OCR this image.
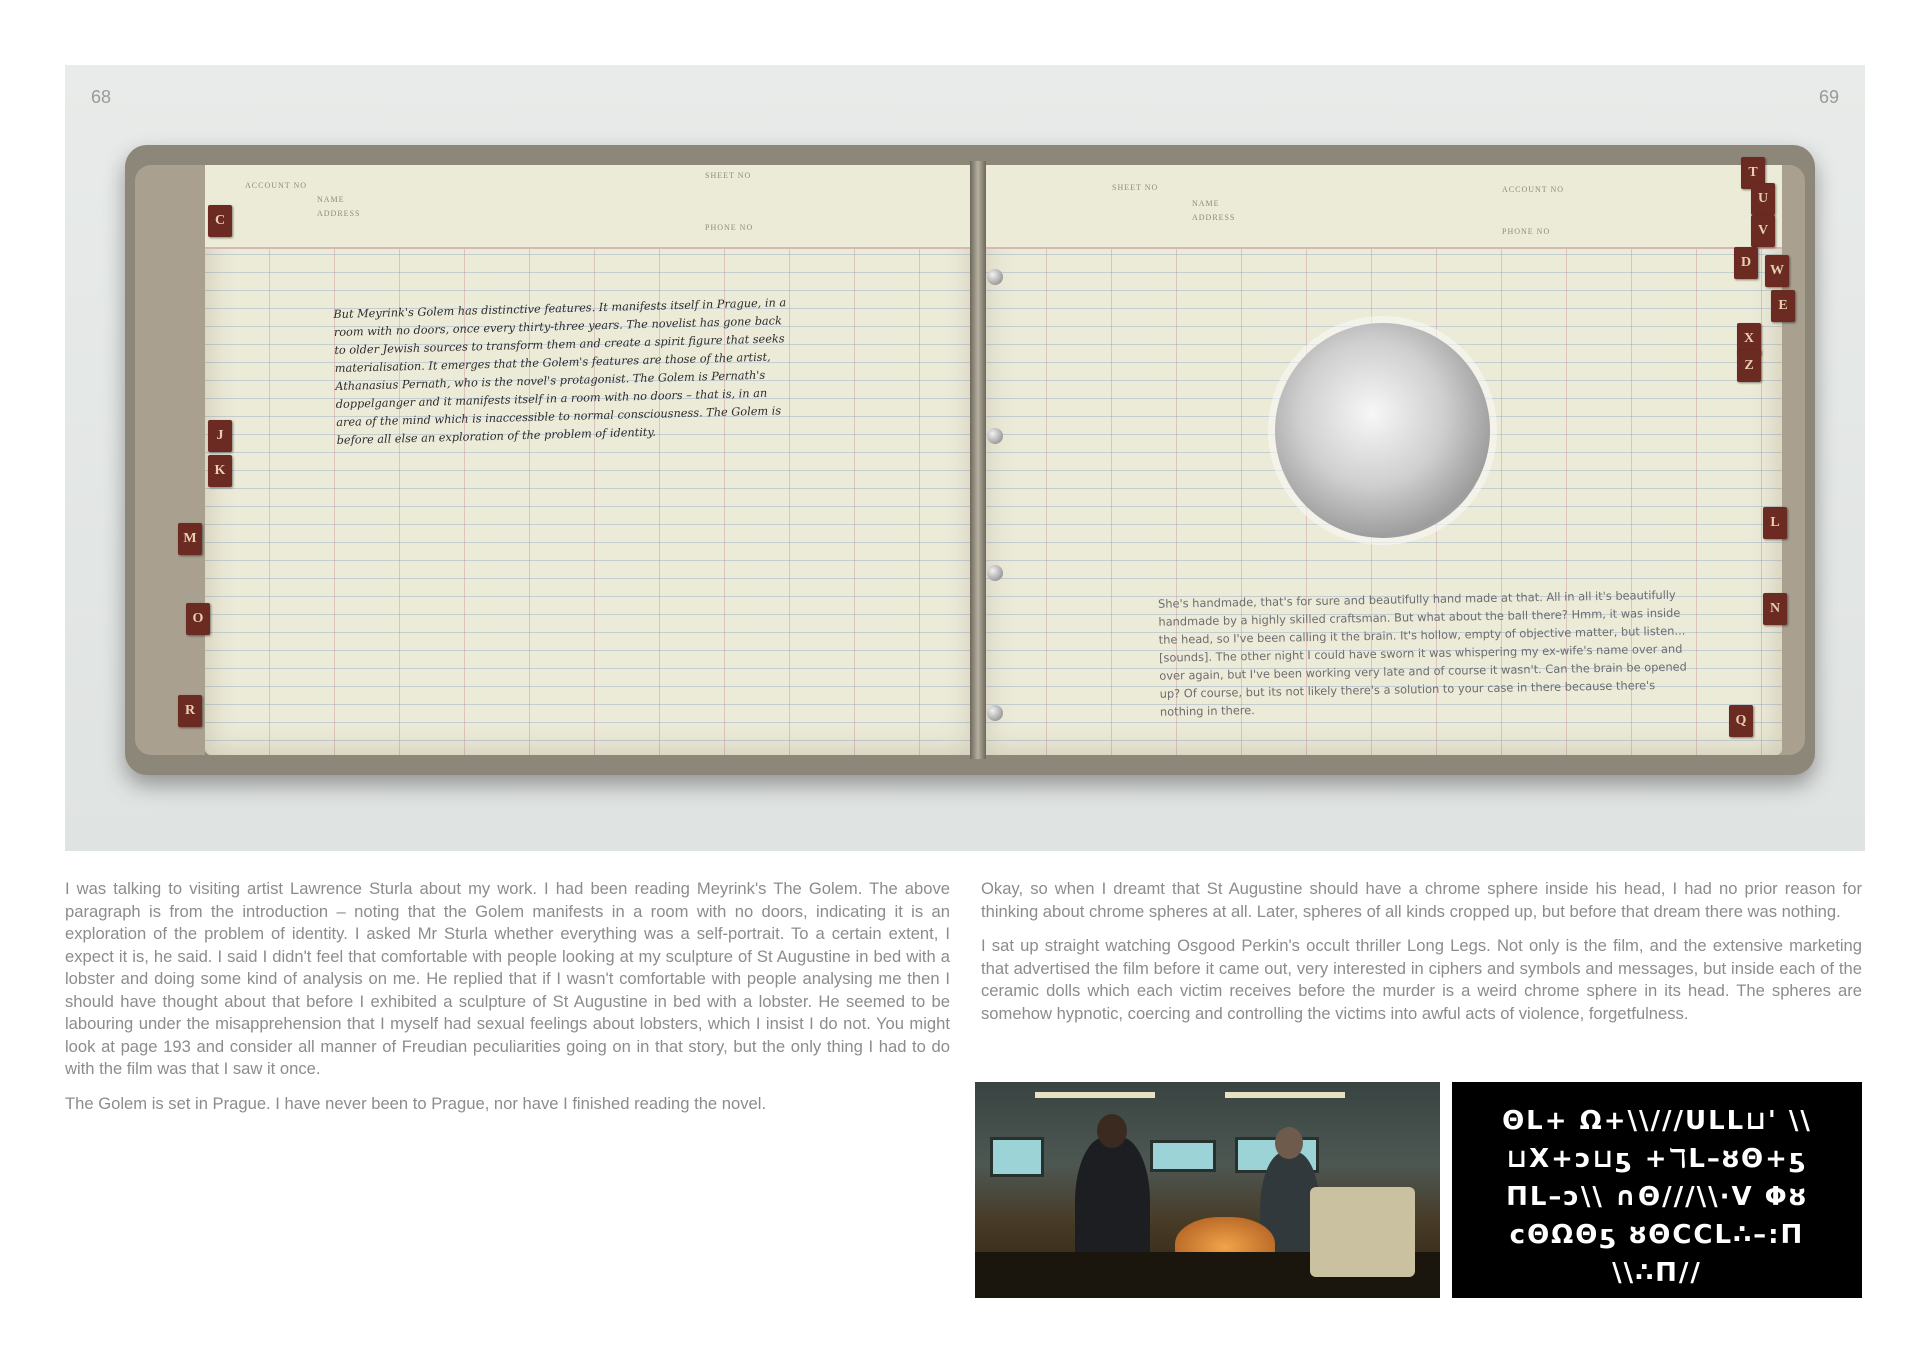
68	69
ACCOUNT NO
NAME
ADDRESS
SHEET NO
PHONE NO
SHEET NO
NAME
ADDRESS
ACCOUNT NO
PHONE NO
C
J
K
M
O
R
T
U
V
D
W
E
X
Z
L
N
Q

But Meyrink's Golem has distinctive features. It manifests itself in Prague, in a room with no doors, once every thirty-three years. The novelist has gone back to older Jewish sources to transform them and create a spirit figure that seeks materialisation. It emerges that the Golem's features are those of the artist, Athanasius Pernath, who is the novel's protagonist. The Golem is Pernath's doppelganger and it manifests itself in a room with no doors – that is, in an area of the mind which is inaccessible to normal consciousness. The Golem is before all else an exploration of the problem of identity.

She's handmade, that's for sure and beautifully hand made at that. All in all it's beautifully handmade by a highly skilled craftsman. But what about the ball there? Hmm, it was inside the head, so I've been calling it the brain. It's hollow, empty of objective matter, but listen... [sounds]. The other night I could have sworn it was whispering my ex-wife's name over and over again, but I've been working very late and of course it wasn't. Can the brain be opened up? Of course, but its not likely there's a solution to your case in there because there's nothing in there.

I was talking to visiting artist Lawrence Sturla about my work. I had been reading Meyrink's The Golem. The above paragraph is from the introduction – noting that the Golem manifests in a room with no doors, indicating it is an exploration of the problem of identity. I asked Mr Sturla whether everything was a self-portrait. To a certain extent, I expect it is, he said. I said I didn't feel that comfortable with people looking at my sculpture of St Augustine in bed with a lobster and doing some kind of analysis on me. He replied that if I wasn't comfortable with people analysing me then I should have thought about that before I exhibited a sculpture of St Augustine in bed with a lobster. He seemed to be labouring under the misapprehension that I myself had sexual feelings about lobsters, which I insist I do not. You might look at page 193 and consider all manner of Freudian peculiarities going on in that story, but the only thing I had to do with the film was that I saw it once.

The Golem is set in Prague. I have never been to Prague, nor have I finished reading the novel.

Okay, so when I dreamt that St Augustine should have a chrome sphere inside his head, I had no prior reason for thinking about chrome spheres at all. Later, spheres of all kinds cropped up, but before that dream there was nothing.

I sat up straight watching Osgood Perkin's occult thriller Long Legs. Not only is the film, and the extensive marketing that advertised the film before it came out, very interested in ciphers and symbols and messages, but inside each of the ceramic dolls which each victim receives before the murder is a weird chrome sphere in its head. The spheres are somehow hypnotic, coercing and controlling the victims into awful acts of violence, forgetfulness.

ΘL+ Ω+\\///ULL⊔' \\
⊔X+ↄ⊔ƽ +ℸL–ȣΘ+ƽ
ΠL–ↄ\\ ∩Θ///\\·V Φȣ
ϲΘΩΘƽ ȣΘϹϹL∴–:Π
\\∴Π//
